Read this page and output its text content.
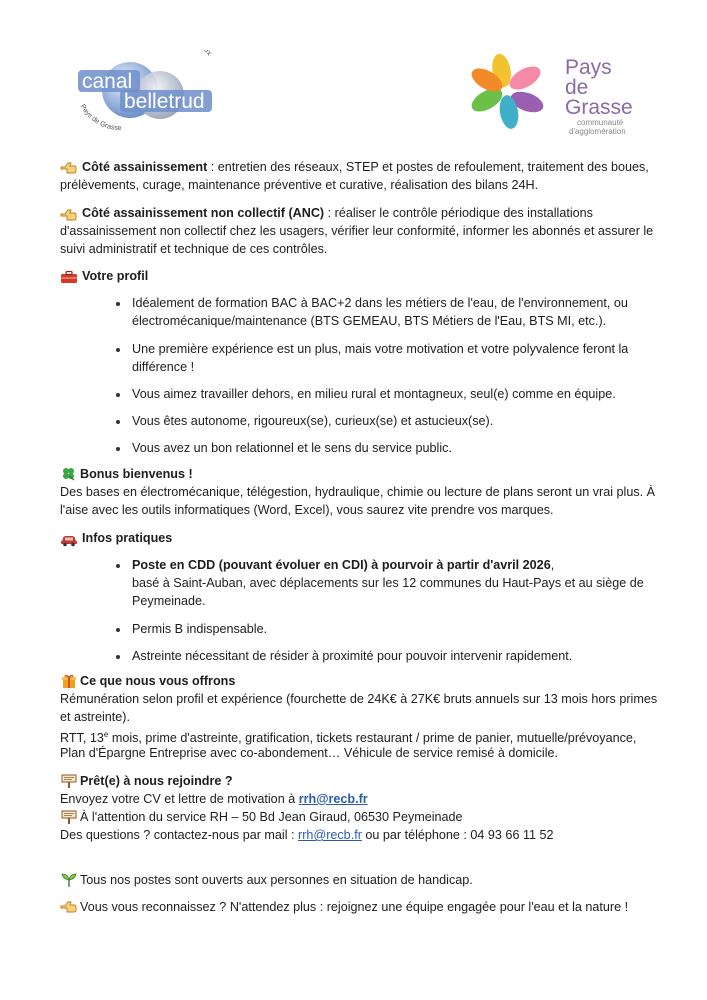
canal
belletrud
x
Pays de Grasse
Pays
de
Grasse
communauté
d'agglomération
Côté assainissement : entretien des réseaux, STEP et postes de refoulement, traitement des boues,
prélèvements, curage, maintenance préventive et curative, réalisation des bilans 24H.
Côté assainissement non collectif (ANC) : réaliser le contrôle périodique des installations
d'assainissement non collectif chez les usagers, vérifier leur conformité, informer les abonnés et assurer le
suivi administratif et technique de ces contrôles.
Votre profil
Idéalement de formation BAC à BAC+2 dans les métiers de l'eau, de l'environnement, ou
électromécanique/maintenance (BTS GEMEAU, BTS Métiers de l'Eau, BTS MI, etc.).
Une première expérience est un plus, mais votre motivation et votre polyvalence feront la
différence !
Vous aimez travailler dehors, en milieu rural et montagneux, seul(e) comme en équipe.
Vous êtes autonome, rigoureux(se), curieux(se) et astucieux(se).
Vous avez un bon relationnel et le sens du service public.
Bonus bienvenus !
Des bases en électromécanique, télégestion, hydraulique, chimie ou lecture de plans seront un vrai plus. À
l'aise avec les outils informatiques (Word, Excel), vous saurez vite prendre vos marques.
Infos pratiques
Poste en CDD (pouvant évoluer en CDI) à pourvoir à partir d'avril 2026,
basé à Saint-Auban, avec déplacements sur les 12 communes du Haut-Pays et au siège de
Peymeinade.
Permis B indispensable.
Astreinte nécessitant de résider à proximité pour pouvoir intervenir rapidement.
Ce que nous vous offrons
Rémunération selon profil et expérience (fourchette de 24K€ à 27K€ bruts annuels sur 13 mois hors primes
et astreinte).
RTT, 13e mois, prime d'astreinte, gratification, tickets restaurant / prime de panier, mutuelle/prévoyance,
Plan d'Épargne Entreprise avec co-abondement… Véhicule de service remisé à domicile.
Prêt(e) à nous rejoindre ?
Envoyez votre CV et lettre de motivation à rrh@recb.fr
À l'attention du service RH – 50 Bd Jean Giraud, 06530 Peymeinade
Des questions ? contactez-nous par mail : rrh@recb.fr ou par téléphone : 04 93 66 11 52
Tous nos postes sont ouverts aux personnes en situation de handicap.
Vous vous reconnaissez ? N'attendez plus : rejoignez une équipe engagée pour l'eau et la nature !
